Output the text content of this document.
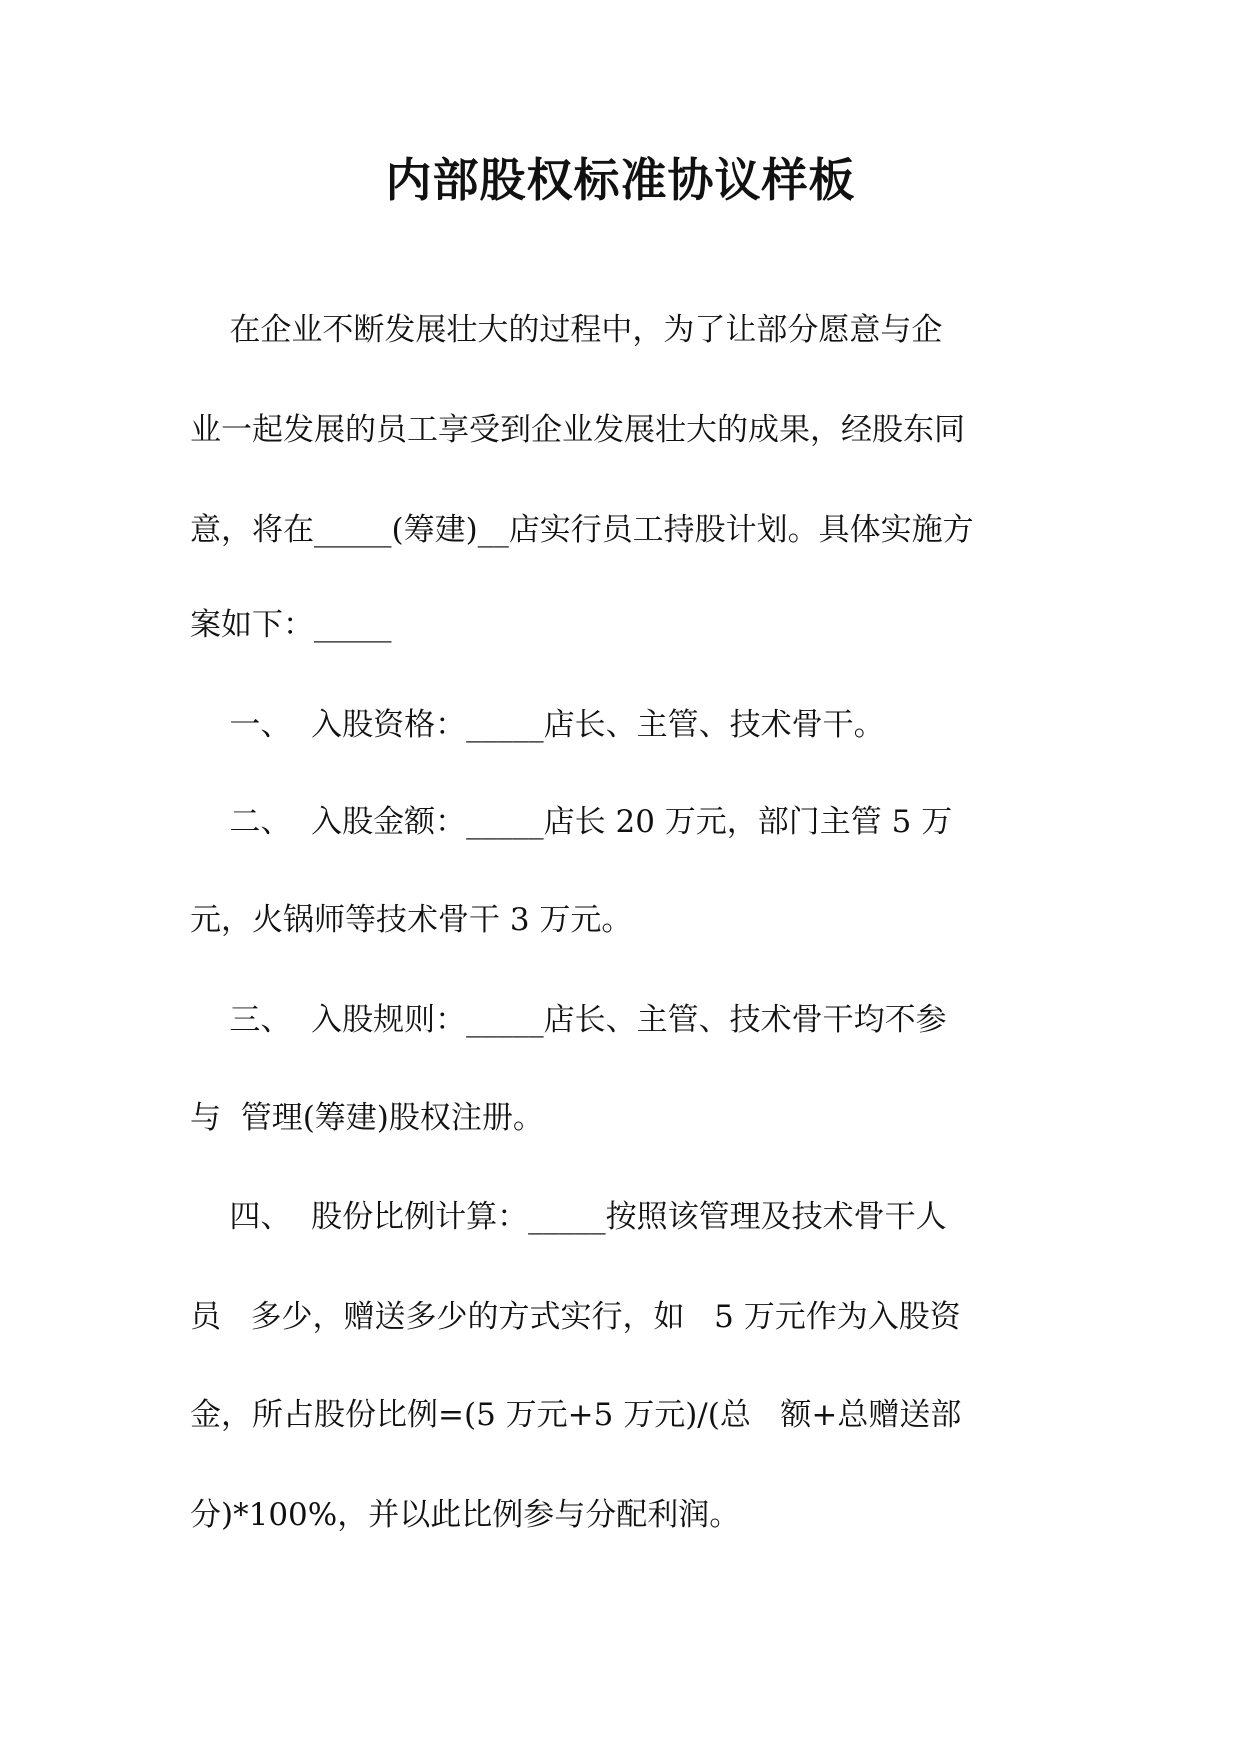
内部股权标准协议样板

在企业不断发展壮大的过程中，为了让部分愿意与企

业一起发展的员工享受到企业发展壮大的成果，经股东同

意，将在_____(筹建)__店实行员工持股计划。具体实施方

案如下：_____

一、  入股资格：_____店长、主管、技术骨干。

二、  入股金额：_____店长 20 万元，部门主管 5 万

元，火锅师等技术骨干 3 万元。

三、  入股规则：_____店长、主管、技术骨干均不参

与  管理(筹建)股权注册。

四、  股份比例计算：_____按照该管理及技术骨干人

员   多少，赠送多少的方式实行，如   5 万元作为入股资

金，所占股份比例=(5 万元+5 万元)/(总   额+总赠送部

分)*100%，并以此比例参与分配利润。
